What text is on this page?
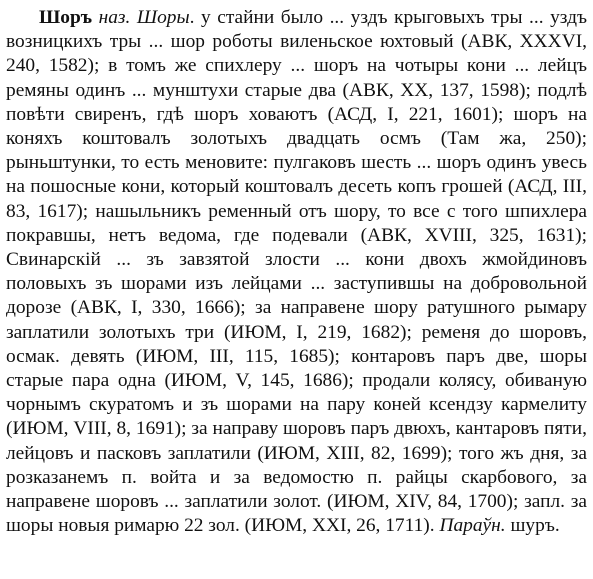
Шоръ наз. Шоры. у стайни было ... уздъ крыговыхъ тры ... уздъ возницкихъ тры ... шор роботы виленьское юхтовый (АВК, XXXVI, 240, 1582); в томъ же спихлеру ... шоръ на чотыры кони ... лейцъ ремяны одинъ ... мунштухи старые два (АВК, XX, 137, 1598); подлѣ повѣти свиренъ, гдѣ шоръ ховаютъ (АСД, I, 221, 1601); шоръ на коняхъ коштовалъ золотыхъ двадцать осмъ (Там жа, 250); рыньштунки, то есть меновите: пулгаковъ шесть ... шоръ одинъ увесь на пошосные кони, который коштовалъ десеть копъ грошей (АСД, III, 83, 1617); нашыльникъ ременный отъ шору, то все с того шпихлера покравшы, нетъ ведома, где подевали (АВК, XVIII, 325, 1631); Свинарскій ... зъ завзятой злости ... кони двохъ жмойдиновъ половыхъ зъ шорами изъ лейцами ... заступившы на добровольной дорозе (АВК, I, 330, 1666); за направене шору ратушного рымару заплатили золотыхъ три (ИЮМ, I, 219, 1682); ременя до шоровъ, осмак. девять (ИЮМ, III, 115, 1685); контаровъ паръ две, шоры старые пара одна (ИЮМ, V, 145, 1686); продали колясу, обиваную чорнымъ скуратомъ и зъ шорами на пару коней ксендзу кармелиту (ИЮМ, VIII, 8, 1691); за направу шоровъ паръ двюхъ, кантаровъ пяти, лейцовъ и пасковъ заплатили (ИЮМ, XIII, 82, 1699); того жъ дня, за розказанемъ п. войта и за ведомостю п. райцы скарбового, за направене шоровъ ... заплатили золот. (ИЮМ, XIV, 84, 1700); запл. за шоры новыя римарю 22 зол. (ИЮМ, XXI, 26, 1711). Параўн. шуръ.
